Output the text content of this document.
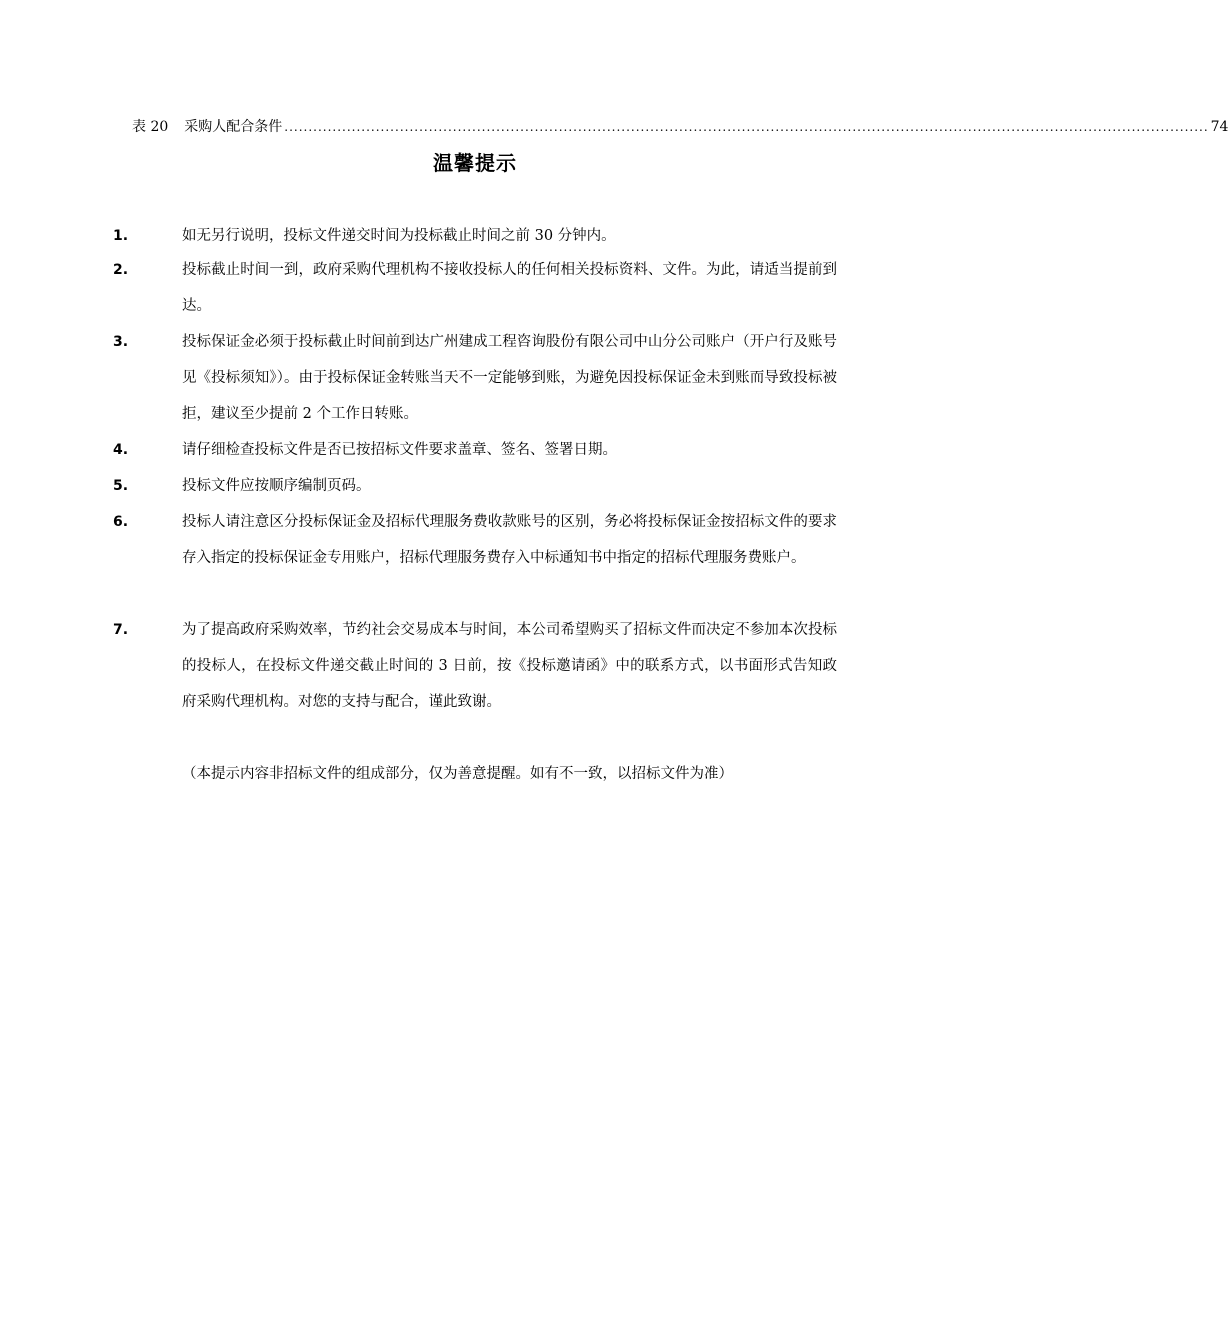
表 20 采购人配合条件 ................................................................................................................................................................................................ 74
温馨提示
1.	如无另行说明，投标文件递交时间为投标截止时间之前 30 分钟内。
2.	投标截止时间一到，政府采购代理机构不接收投标人的任何相关投标资料、文件。为此，请适当提前到达。
3.	投标保证金必须于投标截止时间前到达广州建成工程咨询股份有限公司中山分公司账户（开户行及账号见《投标须知》）。由于投标保证金转账当天不一定能够到账，为避免因投标保证金未到账而导致投标被拒，建议至少提前 2 个工作日转账。
4.	请仔细检查投标文件是否已按招标文件要求盖章、签名、签署日期。
5.	投标文件应按顺序编制页码。
6.	投标人请注意区分投标保证金及招标代理服务费收款账号的区别，务必将投标保证金按招标文件的要求存入指定的投标保证金专用账户，招标代理服务费存入中标通知书中指定的招标代理服务费账户。
7.	为了提高政府采购效率，节约社会交易成本与时间，本公司希望购买了招标文件而决定不参加本次投标的投标人，在投标文件递交截止时间的 3 日前，按《投标邀请函》中的联系方式，以书面形式告知政府采购代理机构。对您的支持与配合，谨此致谢。
（本提示内容非招标文件的组成部分，仅为善意提醒。如有不一致，以招标文件为准）
